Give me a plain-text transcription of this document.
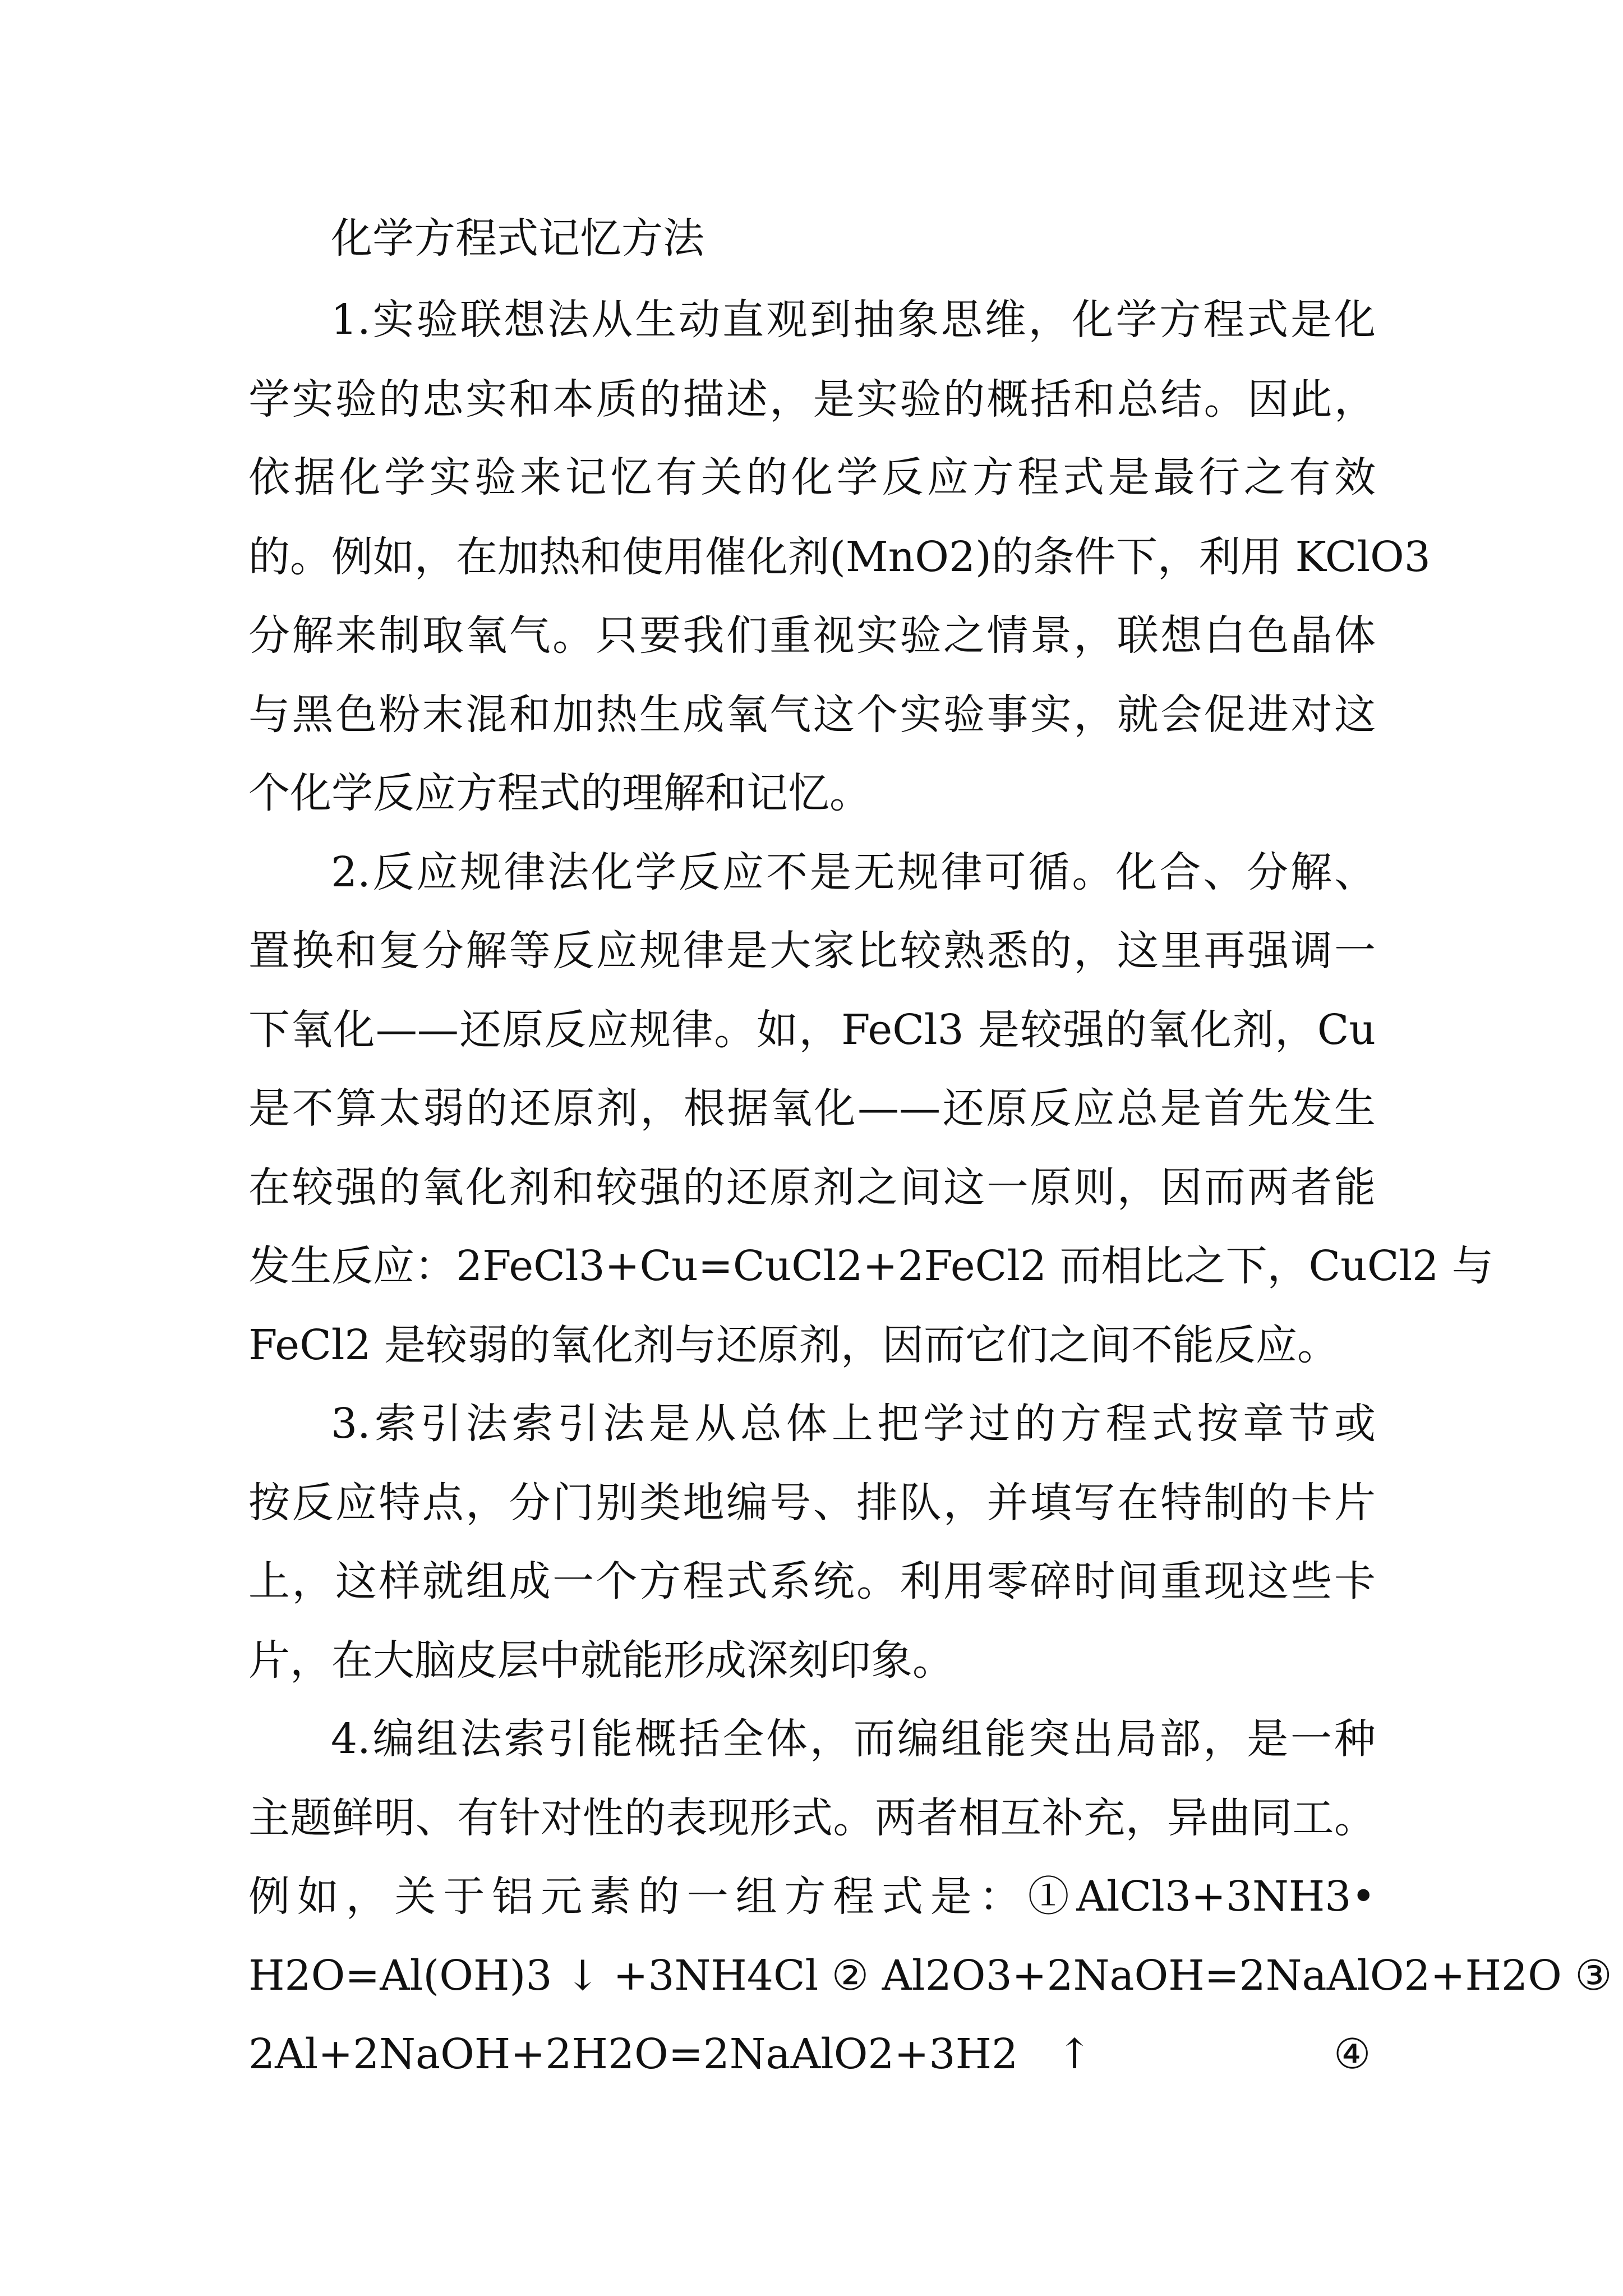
化学方程式记忆方法

1.实验联想法从生动直观到抽象思维，化学方程式是化

学实验的忠实和本质的描述，是实验的概括和总结。因此，

依据化学实验来记忆有关的化学反应方程式是最行之有效

的。例如，在加热和使用催化剂(MnO2)的条件下，利用 KClO3

分解来制取氧气。只要我们重视实验之情景，联想白色晶体

与黑色粉末混和加热生成氧气这个实验事实，就会促进对这

个化学反应方程式的理解和记忆。

2.反应规律法化学反应不是无规律可循。化合、分解、

置换和复分解等反应规律是大家比较熟悉的，这里再强调一

下氧化——还原反应规律。如，FeCl3 是较强的氧化剂，Cu

是不算太弱的还原剂，根据氧化——还原反应总是首先发生

在较强的氧化剂和较强的还原剂之间这一原则，因而两者能

发生反应：2FeCl3+Cu=CuCl2+2FeCl2 而相比之下，CuCl2 与

FeCl2 是较弱的氧化剂与还原剂，因而它们之间不能反应。

3.索引法索引法是从总体上把学过的方程式按章节或

按反应特点，分门别类地编号、排队，并填写在特制的卡片

上，这样就组成一个方程式系统。利用零碎时间重现这些卡

片，在大脑皮层中就能形成深刻印象。

4.编组法索引能概括全体，而编组能突出局部，是一种

主题鲜明、有针对性的表现形式。两者相互补充，异曲同工。

例如，关于铝元素的一组方程式是：①AlCl3+3NH3•

H2O=Al(OH)3 ↓ +3NH4Cl ② Al2O3+2NaOH=2NaAlO2+H2O ③

2Al+2NaOH+2H2O=2NaAlO2+3H2 ↑	④
